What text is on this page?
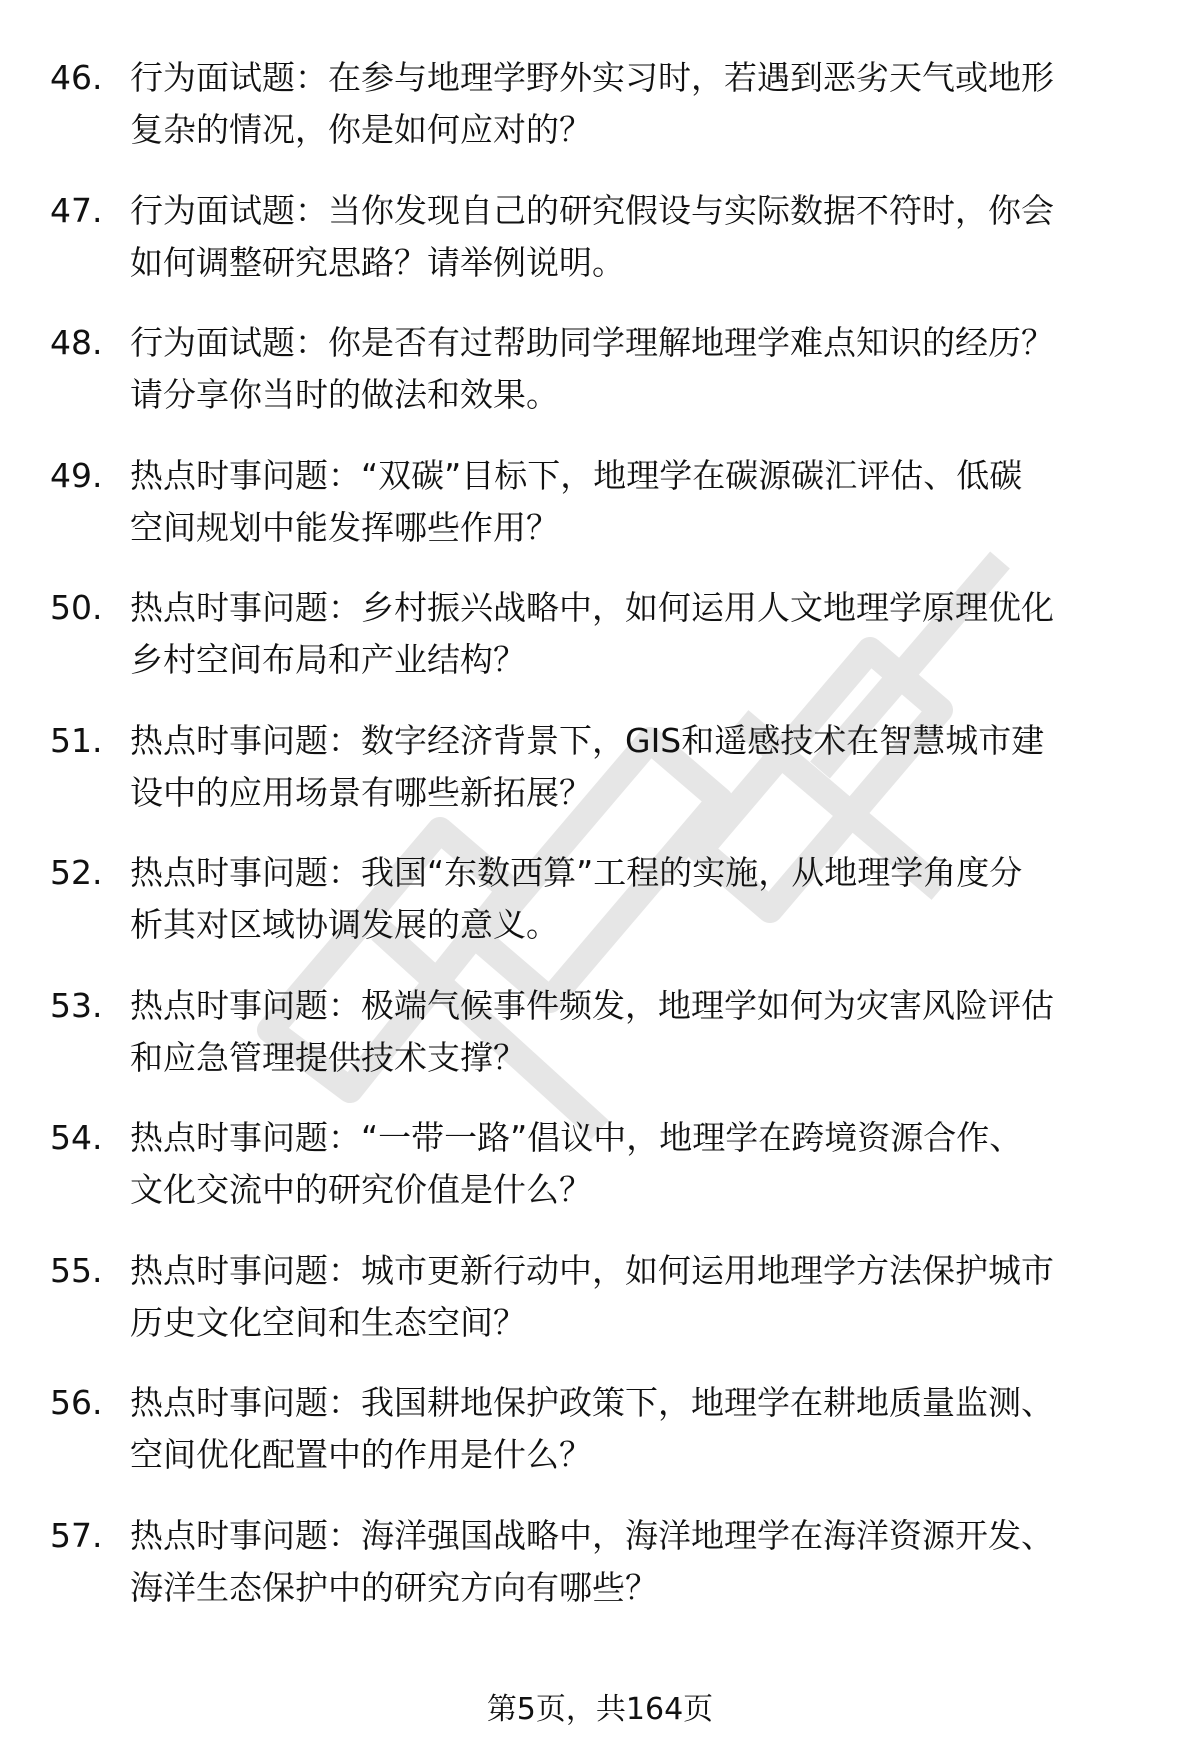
46. 行为面试题：在参与地理学野外实习时，若遇到恶劣天气或地形
复杂的情况，你是如何应对的？
47. 行为面试题：当你发现自己的研究假设与实际数据不符时，你会
如何调整研究思路？请举例说明。
48. 行为面试题：你是否有过帮助同学理解地理学难点知识的经历？
请分享你当时的做法和效果。
49. 热点时事问题：“双碳”目标下，地理学在碳源碳汇评估、低碳
空间规划中能发挥哪些作用？
50. 热点时事问题：乡村振兴战略中，如何运用人文地理学原理优化
乡村空间布局和产业结构？
51. 热点时事问题：数字经济背景下，GIS和遥感技术在智慧城市建
设中的应用场景有哪些新拓展？
52. 热点时事问题：我国“东数西算”工程的实施，从地理学角度分
析其对区域协调发展的意义。
53. 热点时事问题：极端气候事件频发，地理学如何为灾害风险评估
和应急管理提供技术支撑？
54. 热点时事问题：“一带一路”倡议中，地理学在跨境资源合作、
文化交流中的研究价值是什么？
55. 热点时事问题：城市更新行动中，如何运用地理学方法保护城市
历史文化空间和生态空间？
56. 热点时事问题：我国耕地保护政策下，地理学在耕地质量监测、
空间优化配置中的作用是什么？
57. 热点时事问题：海洋强国战略中，海洋地理学在海洋资源开发、
海洋生态保护中的研究方向有哪些？
第5页，共164页
